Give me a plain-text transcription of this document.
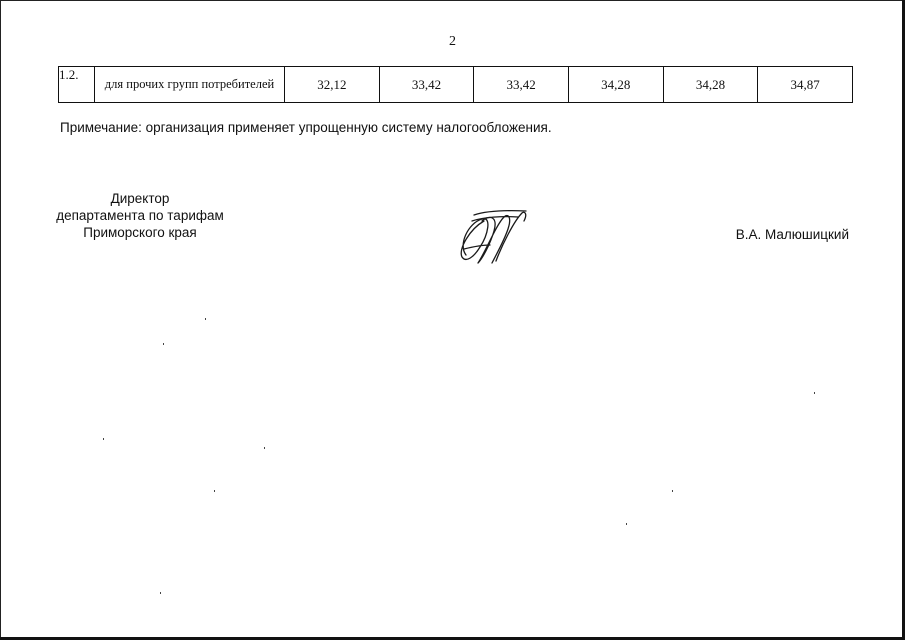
2
1.2.	для прочих групп потребителей	32,12	33,42	33,42	34,28	34,28	34,87
Примечание: организация применяет упрощенную систему налогообложения.
Директор
департамента по тарифам
Приморского края	В.А. Малюшицкий
